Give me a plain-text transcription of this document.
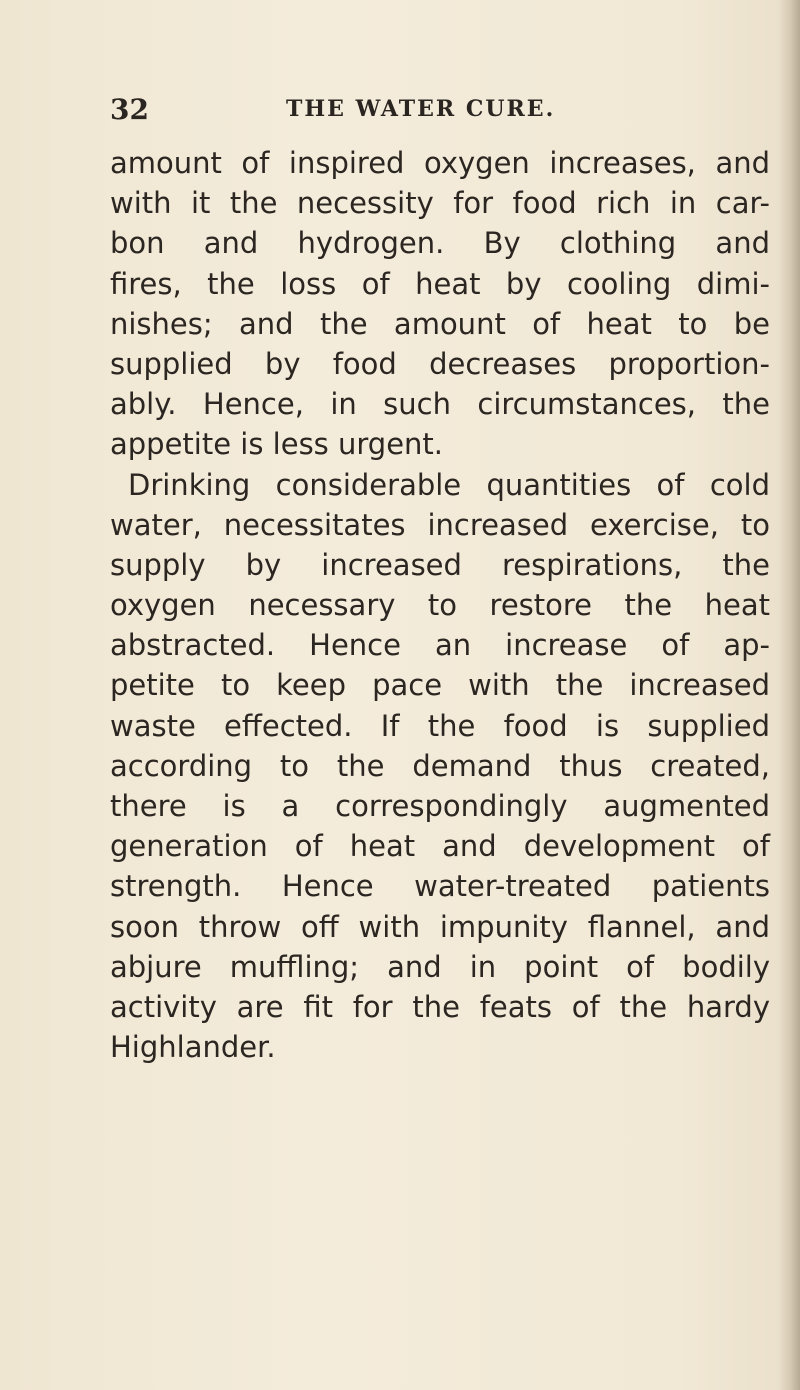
32	THE WATER CURE.
amount of inspired oxygen increases, and
with it the necessity for food rich in car-
bon and hydrogen. By clothing and
fires, the loss of heat by cooling dimi-
nishes; and the amount of heat to be
supplied by food decreases proportion-
ably. Hence, in such circumstances, the
appetite is less urgent.
Drinking considerable quantities of cold
water, necessitates increased exercise, to
supply by increased respirations, the
oxygen necessary to restore the heat
abstracted. Hence an increase of ap-
petite to keep pace with the increased
waste effected. If the food is supplied
according to the demand thus created,
there is a correspondingly augmented
generation of heat and development of
strength. Hence water-treated patients
soon throw off with impunity flannel, and
abjure muffling; and in point of bodily
activity are fit for the feats of the hardy
Highlander.
